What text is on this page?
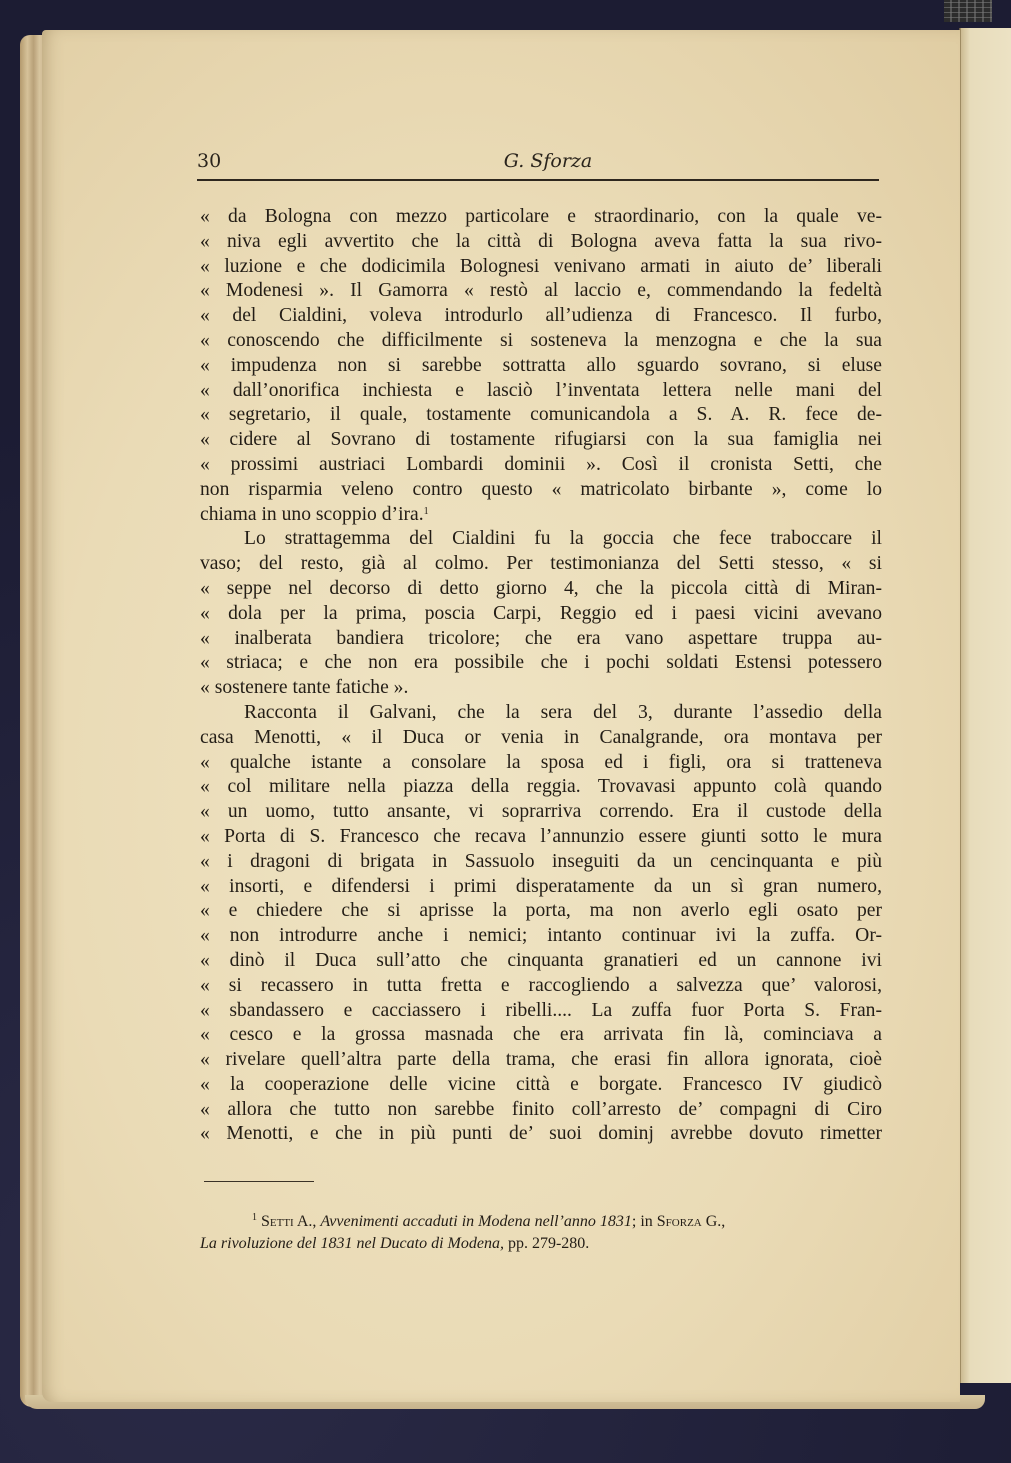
30	G. Sforza
« da Bologna con mezzo particolare e straordinario, con la quale ve-
« niva egli avvertito che la città di Bologna aveva fatta la sua rivo-
« luzione e che dodicimila Bolognesi venivano armati in aiuto de’ liberali
« Modenesi ». Il Gamorra « restò al laccio e, commendando la fedeltà
« del Cialdini, voleva introdurlo all’udienza di Francesco. Il furbo,
« conoscendo che difficilmente si sosteneva la menzogna e che la sua
« impudenza non si sarebbe sottratta allo sguardo sovrano, si eluse
« dall’onorifica inchiesta e lasciò l’inventata lettera nelle mani del
« segretario, il quale, tostamente comunicandola a S. A. R. fece de-
« cidere al Sovrano di tostamente rifugiarsi con la sua famiglia nei
« prossimi austriaci Lombardi dominii ». Così il cronista Setti, che
non risparmia veleno contro questo « matricolato birbante », come lo
chiama in uno scoppio d’ira.$^1$
Lo strattagemma del Cialdini fu la goccia che fece traboccare il
vaso; del resto, già al colmo. Per testimonianza del Setti stesso, « si
« seppe nel decorso di detto giorno 4, che la piccola città di Miran-
« dola per la prima, poscia Carpi, Reggio ed i paesi vicini avevano
« inalberata bandiera tricolore; che era vano aspettare truppa au-
« striaca; e che non era possibile che i pochi soldati Estensi potessero
« sostenere tante fatiche ».
Racconta il Galvani, che la sera del 3, durante l’assedio della
casa Menotti, « il Duca or venia in Canalgrande, ora montava per
« qualche istante a consolare la sposa ed i figli, ora si tratteneva
« col militare nella piazza della reggia. Trovavasi appunto colà quando
« un uomo, tutto ansante, vi soprarriva correndo. Era il custode della
« Porta di S. Francesco che recava l’annunzio essere giunti sotto le mura
« i dragoni di brigata in Sassuolo inseguiti da un cencinquanta e più
« insorti, e difendersi i primi disperatamente da un sì gran numero,
« e chiedere che si aprisse la porta, ma non averlo egli osato per
« non introdurre anche i nemici; intanto continuar ivi la zuffa. Or-
« dinò il Duca sull’atto che cinquanta granatieri ed un cannone ivi
« si recassero in tutta fretta e raccogliendo a salvezza que’ valorosi,
« sbandassero e cacciassero i ribelli.... La zuffa fuor Porta S. Fran-
« cesco e la grossa masnada che era arrivata fin là, cominciava a
« rivelare quell’altra parte della trama, che erasi fin allora ignorata, cioè
« la cooperazione delle vicine città e borgate. Francesco IV giudicò
« allora che tutto non sarebbe finito coll’arresto de’ compagni di Ciro
« Menotti, e che in più punti de’ suoi dominj avrebbe dovuto rimetter
$^1$ Setti A., Avvenimenti accaduti in Modena nell’anno 1831; in Sforza G.,
La rivoluzione del 1831 nel Ducato di Modena, pp. 279-280.
